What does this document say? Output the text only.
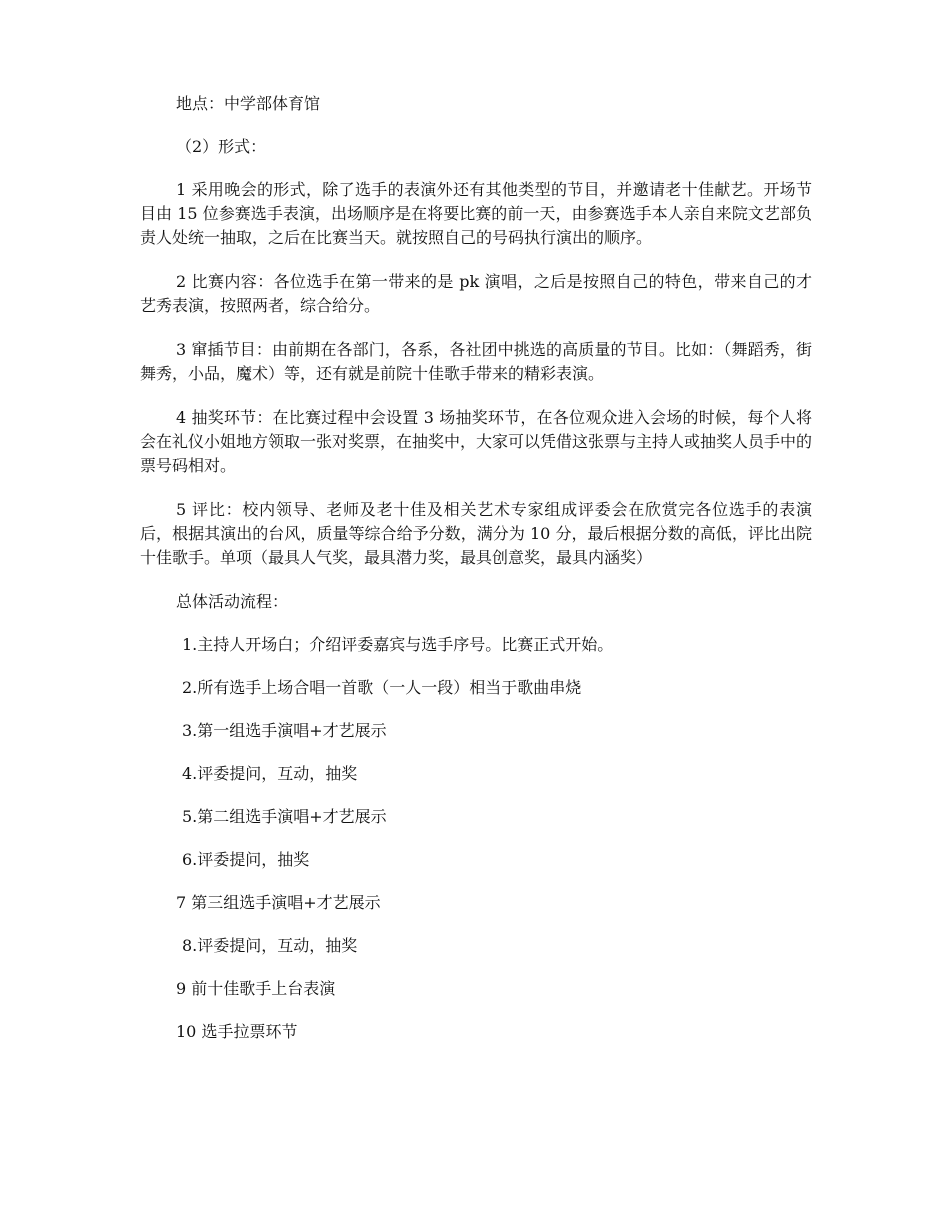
地点：中学部体育馆

（2）形式：

1 采用晚会的形式，除了选手的表演外还有其他类型的节目，并邀请老十佳献艺。开场节目由 15 位参赛选手表演，出场顺序是在将要比赛的前一天，由参赛选手本人亲自来院文艺部负责人处统一抽取，之后在比赛当天。就按照自己的号码执行演出的顺序。

2 比赛内容：各位选手在第一带来的是 pk 演唱，之后是按照自己的特色，带来自己的才艺秀表演，按照两者，综合给分。

3 窜插节目：由前期在各部门，各系，各社团中挑选的高质量的节目。比如：（舞蹈秀，街舞秀，小品，魔术）等，还有就是前院十佳歌手带来的精彩表演。

4 抽奖环节：在比赛过程中会设置 3 场抽奖环节，在各位观众进入会场的时候，每个人将会在礼仪小姐地方领取一张对奖票，在抽奖中，大家可以凭借这张票与主持人或抽奖人员手中的票号码相对。

5 评比：校内领导、老师及老十佳及相关艺术专家组成评委会在欣赏完各位选手的表演后，根据其演出的台风，质量等综合给予分数，满分为 10 分，最后根据分数的高低，评比出院十佳歌手。单项（最具人气奖，最具潜力奖，最具创意奖，最具内涵奖）

总体活动流程：

1.主持人开场白；介绍评委嘉宾与选手序号。比赛正式开始。

2.所有选手上场合唱一首歌（一人一段）相当于歌曲串烧

3.第一组选手演唱+才艺展示

4.评委提问，互动，抽奖

5.第二组选手演唱+才艺展示

6.评委提问，抽奖

7 第三组选手演唱+才艺展示

8.评委提问，互动，抽奖

9 前十佳歌手上台表演

10 选手拉票环节
